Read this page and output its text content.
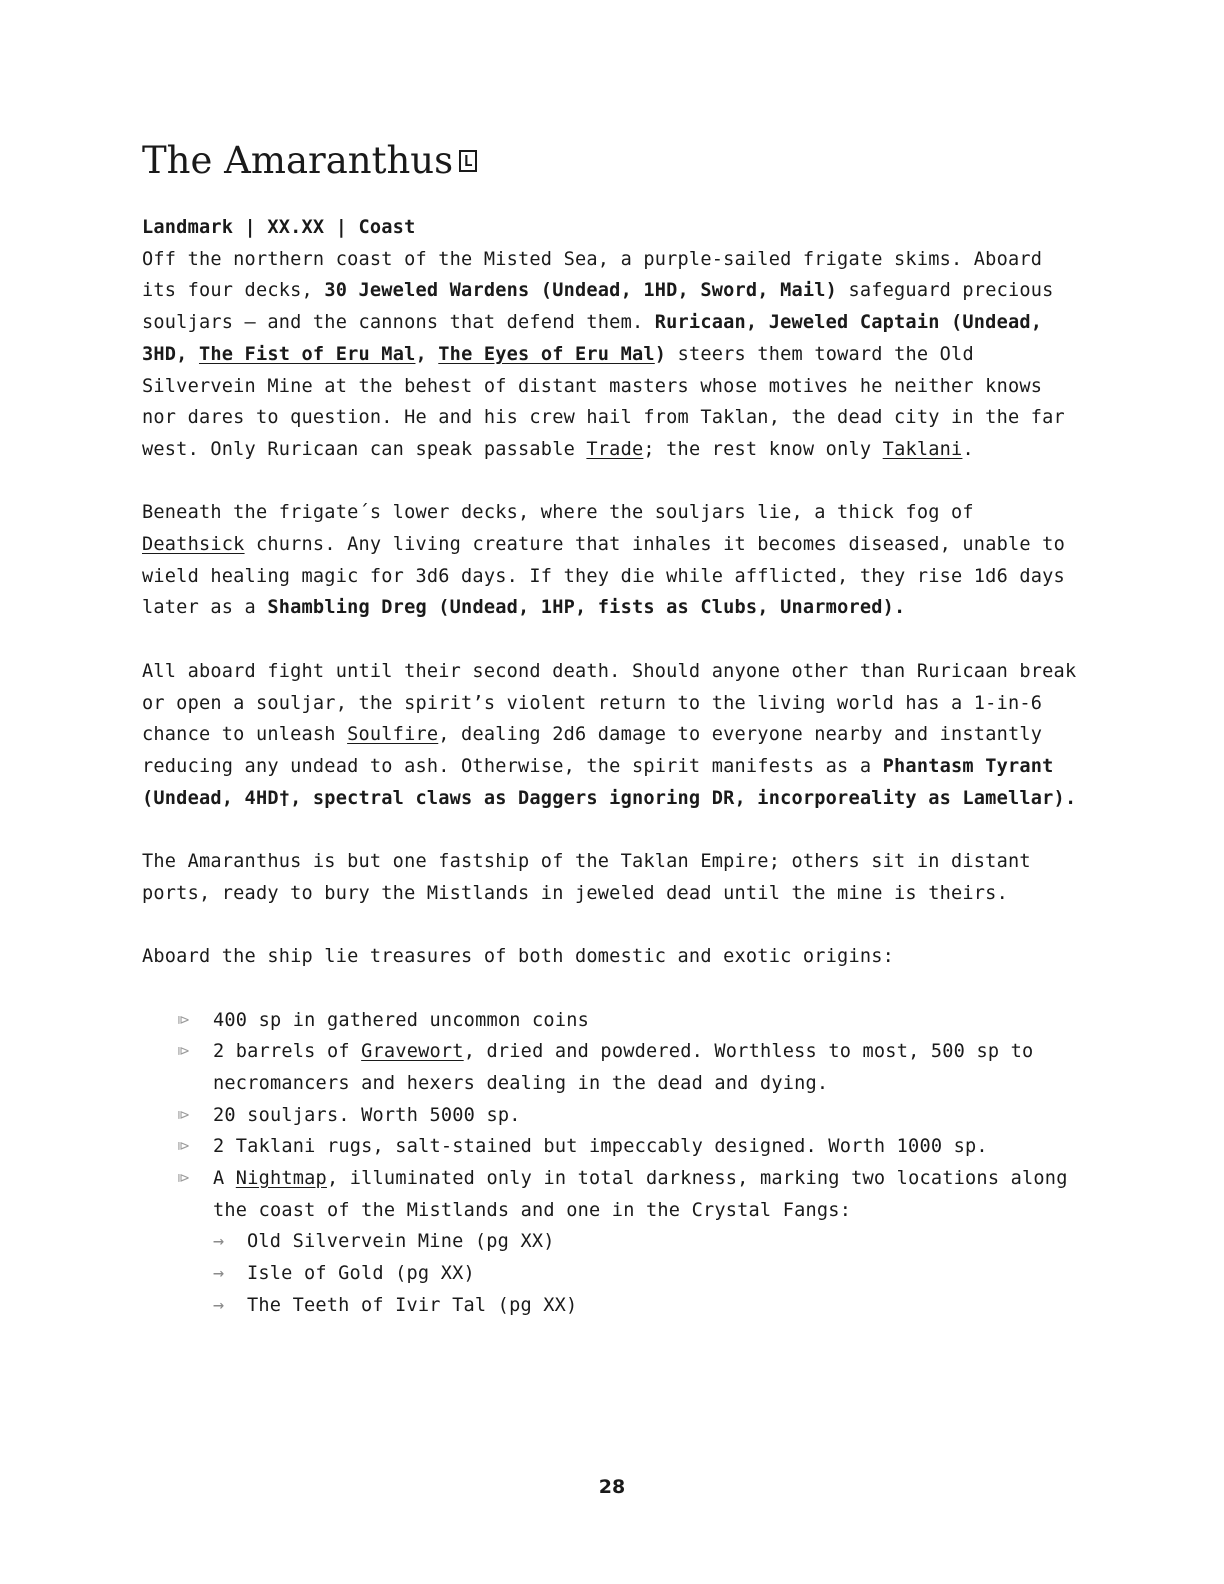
The Amaranthus L

Landmark | XX.XX | Coast

Off the northern coast of the Misted Sea, a purple-sailed frigate skims. Aboard its four decks, 30 Jeweled Wardens (Undead, 1HD, Sword, Mail) safeguard precious souljars — and the cannons that defend them. Ruricaan, Jeweled Captain (Undead, 3HD, The Fist of Eru Mal, The Eyes of Eru Mal) steers them toward the Old Silvervein Mine at the behest of distant masters whose motives he neither knows nor dares to question. He and his crew hail from Taklan, the dead city in the far west. Only Ruricaan can speak passable Trade; the rest know only Taklani.

Beneath the frigate´s lower decks, where the souljars lie, a thick fog of Deathsick churns. Any living creature that inhales it becomes diseased, unable to wield healing magic for 3d6 days. If they die while afflicted, they rise 1d6 days later as a Shambling Dreg (Undead, 1HP, fists as Clubs, Unarmored).

All aboard fight until their second death. Should anyone other than Ruricaan break or open a souljar, the spirit’s violent return to the living world has a 1-in-6 chance to unleash Soulfire, dealing 2d6 damage to everyone nearby and instantly reducing any undead to ash. Otherwise, the spirit manifests as a Phantasm Tyrant (Undead, 4HD†, spectral claws as Daggers ignoring DR, incorporeality as Lamellar).

The Amaranthus is but one fastship of the Taklan Empire; others sit in distant ports, ready to bury the Mistlands in jeweled dead until the mine is theirs.

Aboard the ship lie treasures of both domestic and exotic origins:

⧐ 400 sp in gathered uncommon coins
⧐ 2 barrels of Gravewort, dried and powdered. Worthless to most, 500 sp to necromancers and hexers dealing in the dead and dying.
⧐ 20 souljars. Worth 5000 sp.
⧐ 2 Taklani rugs, salt-stained but impeccably designed. Worth 1000 sp.
⧐ A Nightmap, illuminated only in total darkness, marking two locations along the coast of the Mistlands and one in the Crystal Fangs:
→ Old Silvervein Mine (pg XX)
→ Isle of Gold (pg XX)
→ The Teeth of Ivir Tal (pg XX)
28
